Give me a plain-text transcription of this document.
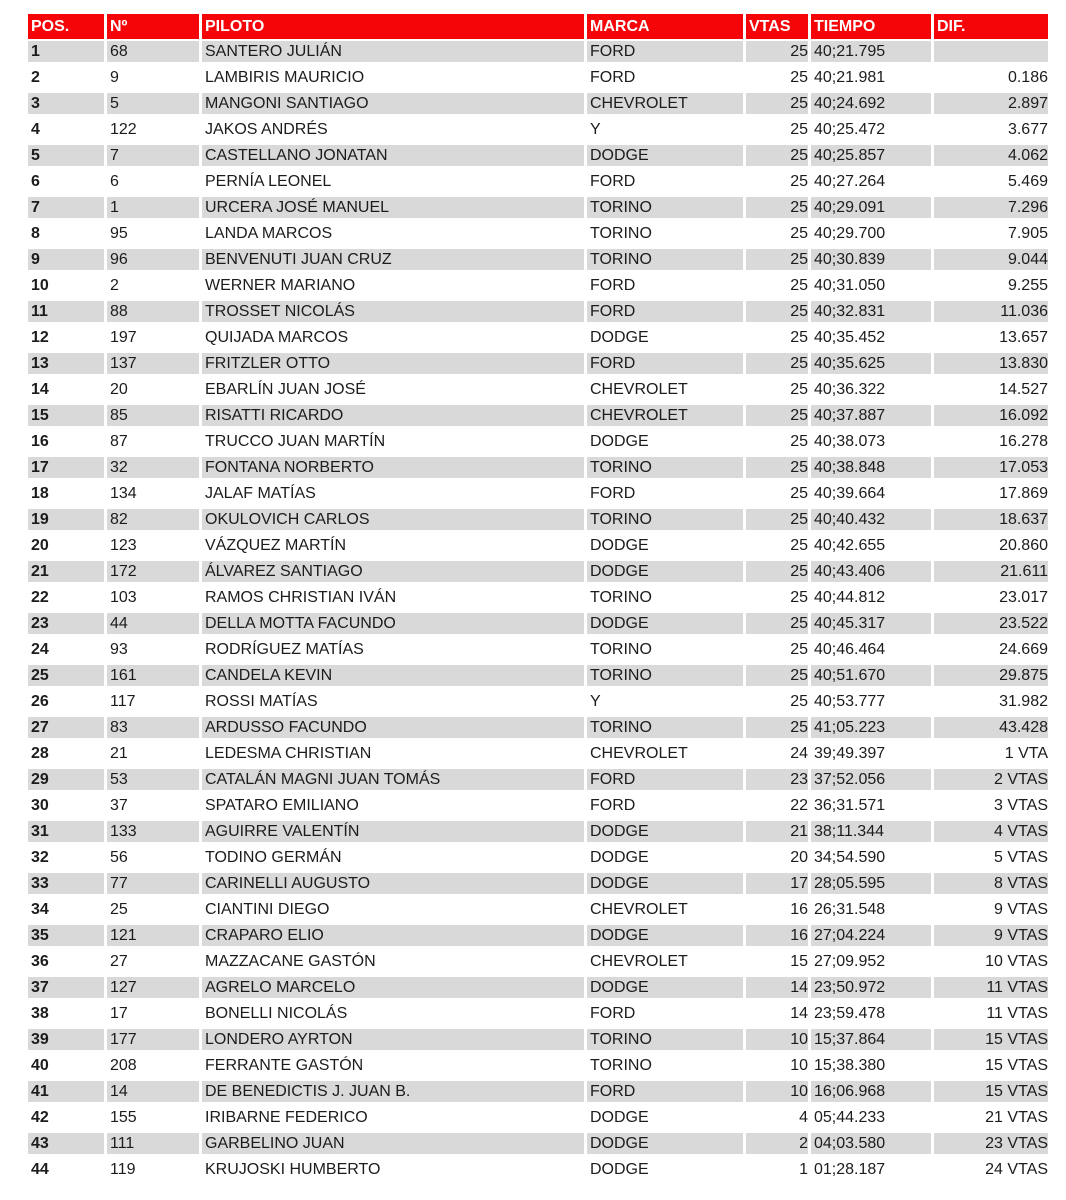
POS.	Nº	PILOTO	MARCA	VTAS	TIEMPO	DIF.
1	68	SANTERO JULIÁN	FORD	25	40;21.795	
2	9	LAMBIRIS MAURICIO	FORD	25	40;21.981	0.186
3	5	MANGONI SANTIAGO	CHEVROLET	25	40;24.692	2.897
4	122	JAKOS ANDRÉS	Y	25	40;25.472	3.677
5	7	CASTELLANO JONATAN	DODGE	25	40;25.857	4.062
6	6	PERNÍA LEONEL	FORD	25	40;27.264	5.469
7	1	URCERA JOSÉ MANUEL	TORINO	25	40;29.091	7.296
8	95	LANDA MARCOS	TORINO	25	40;29.700	7.905
9	96	BENVENUTI JUAN CRUZ	TORINO	25	40;30.839	9.044
10	2	WERNER MARIANO	FORD	25	40;31.050	9.255
11	88	TROSSET NICOLÁS	FORD	25	40;32.831	11.036
12	197	QUIJADA MARCOS	DODGE	25	40;35.452	13.657
13	137	FRITZLER OTTO	FORD	25	40;35.625	13.830
14	20	EBARLÍN JUAN JOSÉ	CHEVROLET	25	40;36.322	14.527
15	85	RISATTI RICARDO	CHEVROLET	25	40;37.887	16.092
16	87	TRUCCO JUAN MARTÍN	DODGE	25	40;38.073	16.278
17	32	FONTANA NORBERTO	TORINO	25	40;38.848	17.053
18	134	JALAF MATÍAS	FORD	25	40;39.664	17.869
19	82	OKULOVICH CARLOS	TORINO	25	40;40.432	18.637
20	123	VÁZQUEZ MARTÍN	DODGE	25	40;42.655	20.860
21	172	ÁLVAREZ SANTIAGO	DODGE	25	40;43.406	21.611
22	103	RAMOS CHRISTIAN IVÁN	TORINO	25	40;44.812	23.017
23	44	DELLA MOTTA FACUNDO	DODGE	25	40;45.317	23.522
24	93	RODRÍGUEZ MATÍAS	TORINO	25	40;46.464	24.669
25	161	CANDELA KEVIN	TORINO	25	40;51.670	29.875
26	117	ROSSI MATÍAS	Y	25	40;53.777	31.982
27	83	ARDUSSO FACUNDO	TORINO	25	41;05.223	43.428
28	21	LEDESMA CHRISTIAN	CHEVROLET	24	39;49.397	1 VTA
29	53	CATALÁN MAGNI JUAN TOMÁS	FORD	23	37;52.056	2 VTAS
30	37	SPATARO EMILIANO	FORD	22	36;31.571	3 VTAS
31	133	AGUIRRE VALENTÍN	DODGE	21	38;11.344	4 VTAS
32	56	TODINO GERMÁN	DODGE	20	34;54.590	5 VTAS
33	77	CARINELLI AUGUSTO	DODGE	17	28;05.595	8 VTAS
34	25	CIANTINI DIEGO	CHEVROLET	16	26;31.548	9 VTAS
35	121	CRAPARO ELIO	DODGE	16	27;04.224	9 VTAS
36	27	MAZZACANE GASTÓN	CHEVROLET	15	27;09.952	10 VTAS
37	127	AGRELO MARCELO	DODGE	14	23;50.972	11 VTAS
38	17	BONELLI NICOLÁS	FORD	14	23;59.478	11 VTAS
39	177	LONDERO AYRTON	TORINO	10	15;37.864	15 VTAS
40	208	FERRANTE GASTÓN	TORINO	10	15;38.380	15 VTAS
41	14	DE BENEDICTIS J. JUAN B.	FORD	10	16;06.968	15 VTAS
42	155	IRIBARNE FEDERICO	DODGE	4	05;44.233	21 VTAS
43	111	GARBELINO JUAN	DODGE	2	04;03.580	23 VTAS
44	119	KRUJOSKI HUMBERTO	DODGE	1	01;28.187	24 VTAS
